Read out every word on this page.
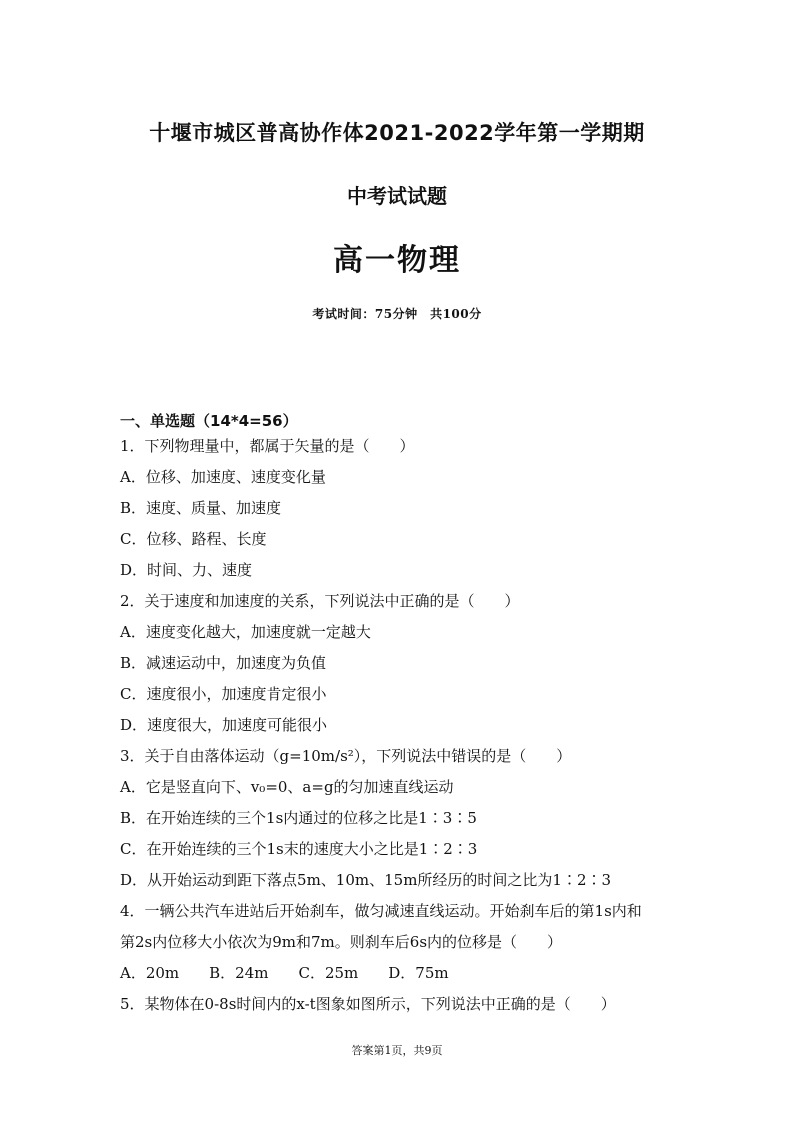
十堰市城区普高协作体2021-2022学年第一学期期
中考试试题
高一物理
考试时间：75分钟　共100分
一、单选题（14*4=56）
1．下列物理量中，都属于矢量的是（　　）
A．位移、加速度、速度变化量
B．速度、质量、加速度
C．位移、路程、长度
D．时间、力、速度
2．关于速度和加速度的关系，下列说法中正确的是（　　）
A．速度变化越大，加速度就一定越大
B．减速运动中，加速度为负值
C．速度很小，加速度肯定很小
D．速度很大，加速度可能很小
3．关于自由落体运动（g=10m/s²），下列说法中错误的是（　　）
A．它是竖直向下、v₀=0、a=g的匀加速直线运动
B．在开始连续的三个1s内通过的位移之比是1∶3∶5
C．在开始连续的三个1s末的速度大小之比是1∶2∶3
D．从开始运动到距下落点5m、10m、15m所经历的时间之比为1∶2∶3
4．一辆公共汽车进站后开始刹车，做匀减速直线运动。开始刹车后的第1s内和
第2s内位移大小依次为9m和7m。则刹车后6s内的位移是（　　）
A．20m　　B．24m　　C．25m　　D．75m
5．某物体在0-8s时间内的x-t图象如图所示，下列说法中正确的是（　　）
答案第1页，共9页
